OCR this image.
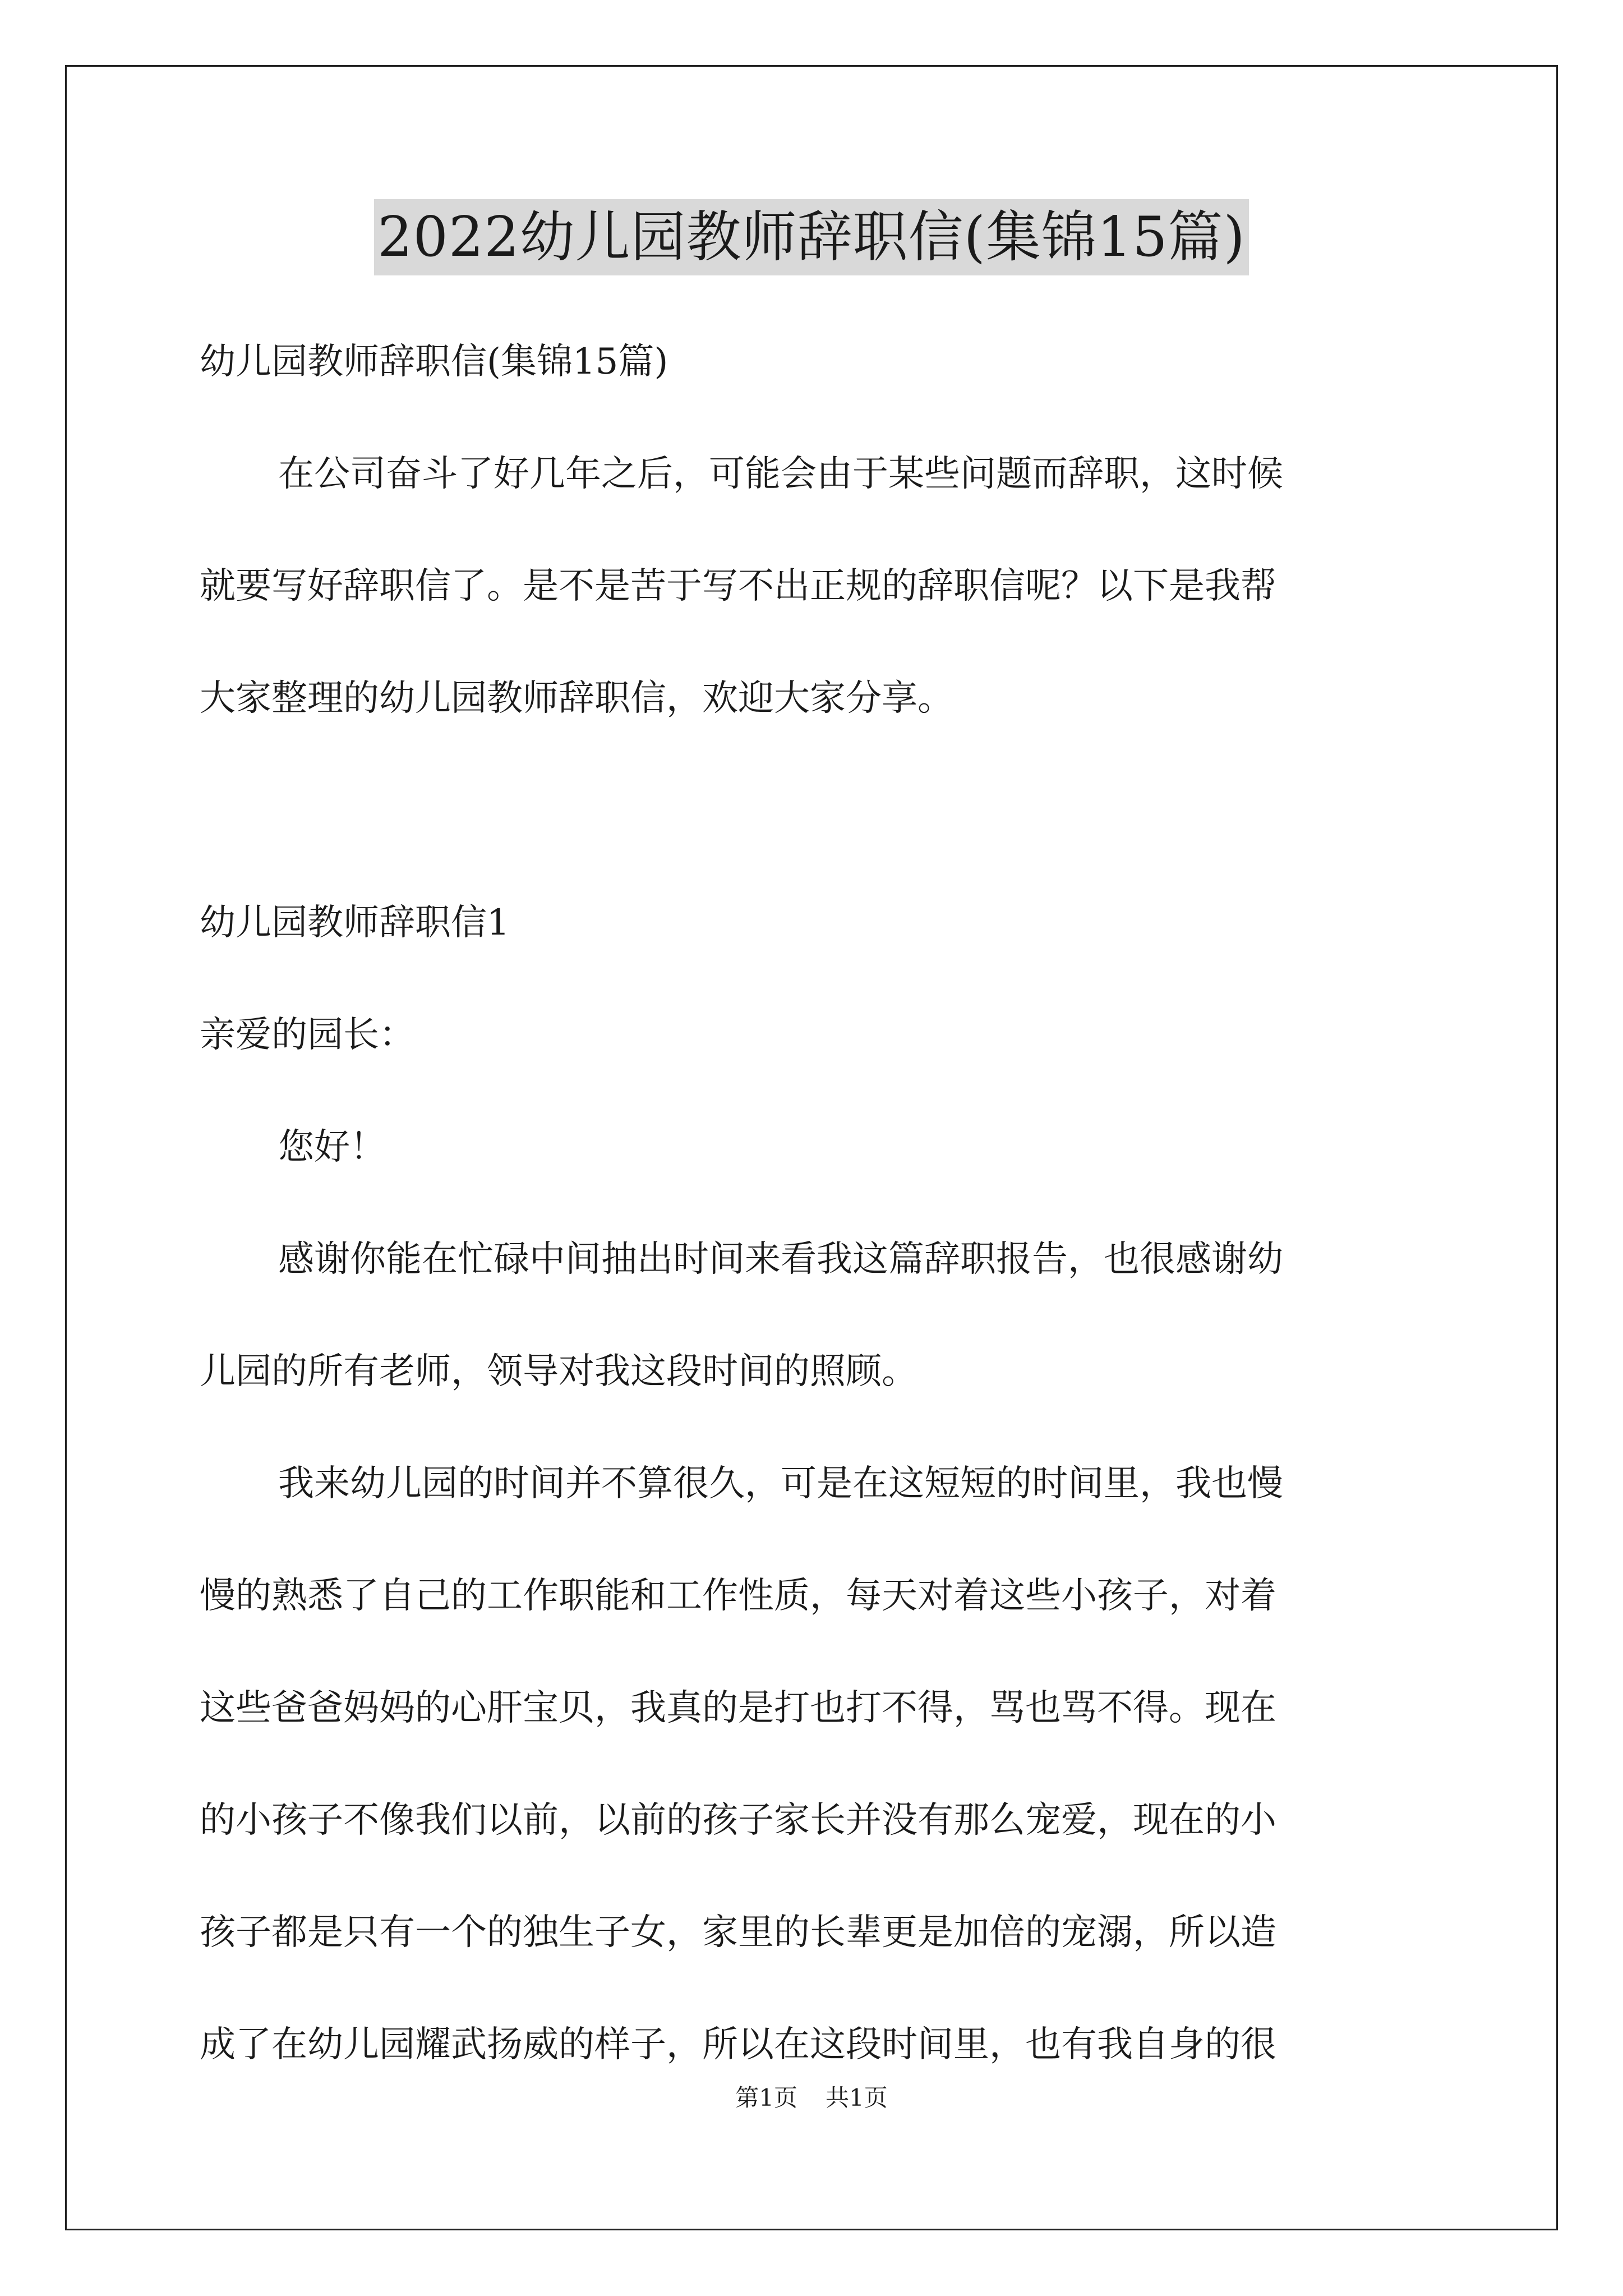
2022幼儿园教师辞职信(集锦15篇)

幼儿园教师辞职信(集锦15篇)

在公司奋斗了好几年之后，可能会由于某些问题而辞职，这时候

就要写好辞职信了。是不是苦于写不出正规的辞职信呢？以下是我帮

大家整理的幼儿园教师辞职信，欢迎大家分享。

幼儿园教师辞职信1

亲爱的园长：

您好！

感谢你能在忙碌中间抽出时间来看我这篇辞职报告，也很感谢幼

儿园的所有老师，领导对我这段时间的照顾。

我来幼儿园的时间并不算很久，可是在这短短的时间里，我也慢

慢的熟悉了自己的工作职能和工作性质，每天对着这些小孩子，对着

这些爸爸妈妈的心肝宝贝，我真的是打也打不得，骂也骂不得。现在

的小孩子不像我们以前，以前的孩子家长并没有那么宠爱，现在的小

孩子都是只有一个的独生子女，家里的长辈更是加倍的宠溺，所以造

成了在幼儿园耀武扬威的样子，所以在这段时间里，也有我自身的很

第1页 共1页
